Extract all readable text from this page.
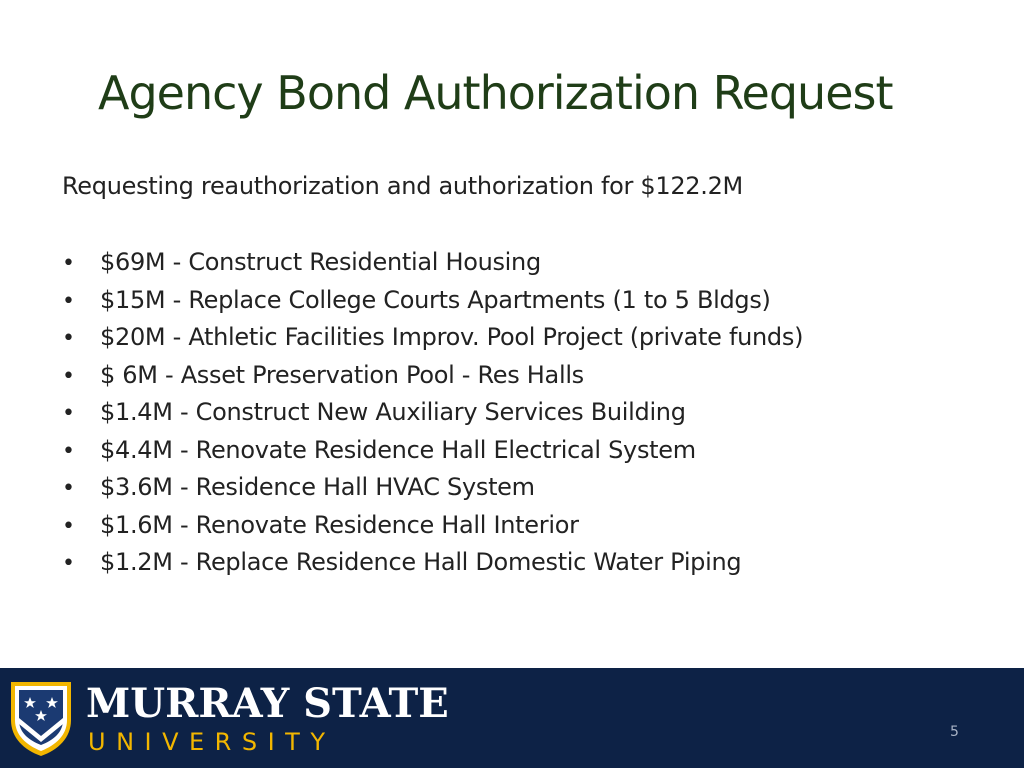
Agency Bond Authorization Request
Requesting reauthorization and authorization for $122.2M
•	$69M - Construct Residential Housing
•	$15M - Replace College Courts Apartments (1 to 5 Bldgs)
•	$20M - Athletic Facilities Improv. Pool Project (private funds)
•	$ 6M - Asset Preservation Pool - Res Halls
•	$1.4M - Construct New Auxiliary Services Building
•	$4.4M - Renovate Residence Hall Electrical System
•	$3.6M - Residence Hall HVAC System
•	$1.6M - Renovate Residence Hall Interior
•	$1.2M - Replace Residence Hall Domestic Water Piping
MURRAY STATE
UNIVERSITY	5
